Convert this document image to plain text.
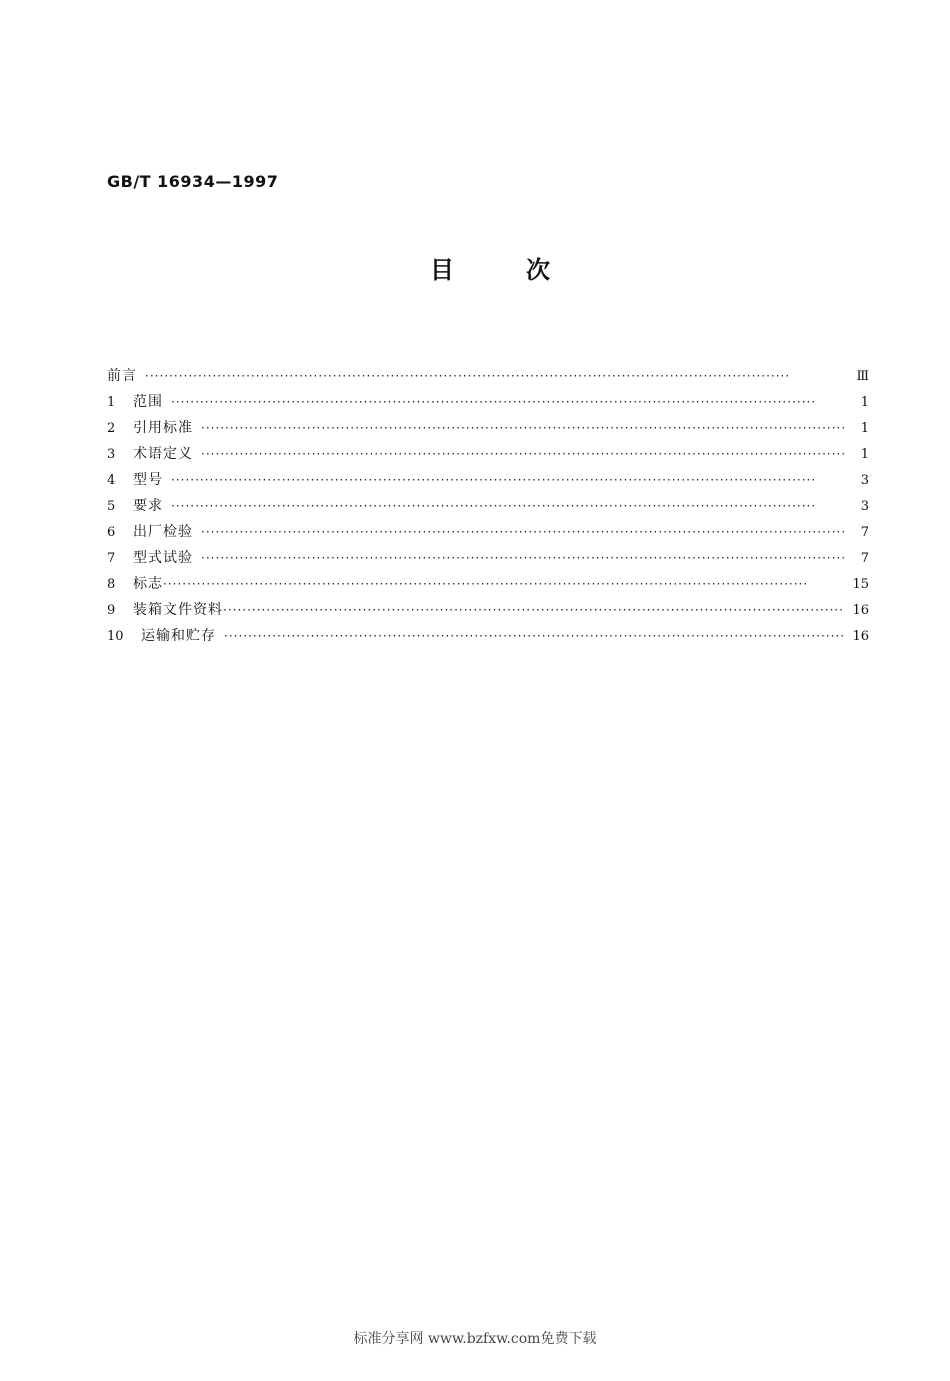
GB/T 16934—1997
目	次
前言 ·····	Ⅲ
1	范围 ·····	1
2	引用标准 ·····	1
3	术语定义 ·····	1
4	型号 ·····	3
5	要求 ·····	3
6	出厂检验 ·····	7
7	型式试验 ·····	7
8	标志 ·····	15
9	装箱文件资料 ·····	16
10	运输和贮存 ·····	16
标准分享网 www.bzfxw.com免费下载
